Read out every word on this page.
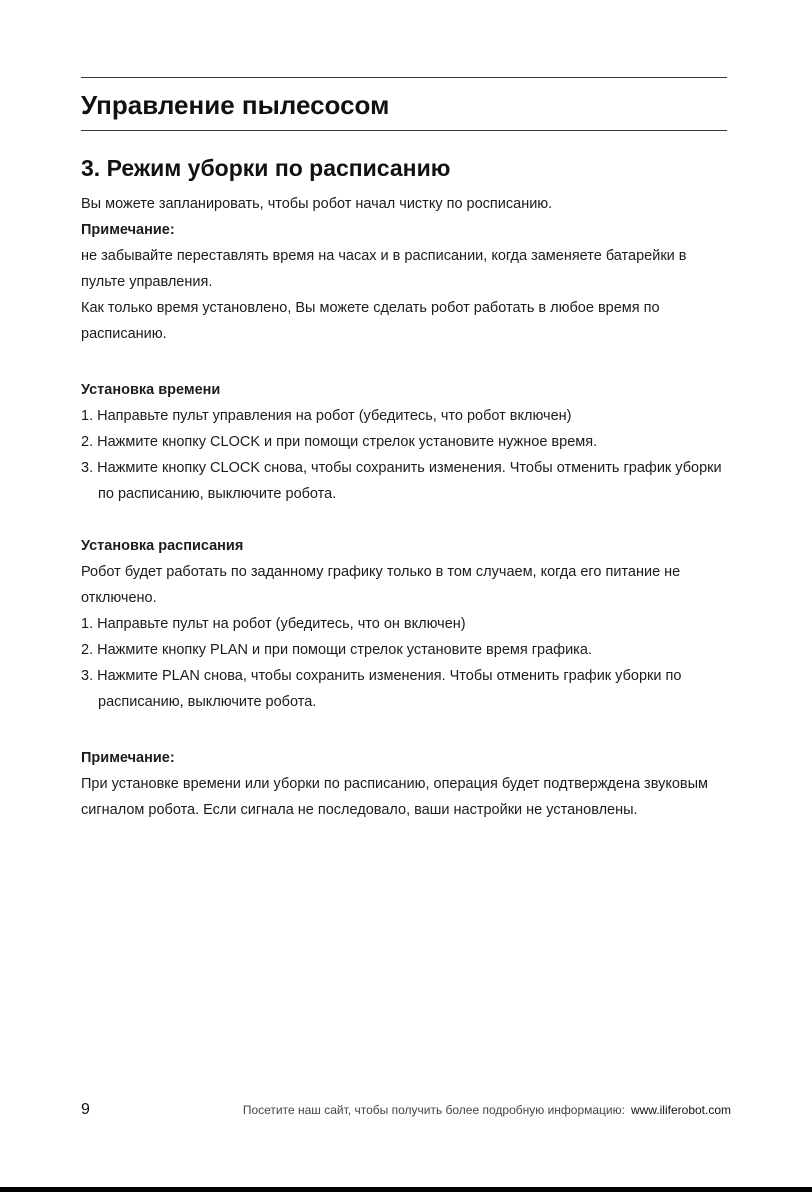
Управление пылесосом
3. Режим уборки по расписанию

Вы можете запланировать, чтобы робот начал чистку по росписанию.

Примечание:

не забывайте переставлять время на часах и в расписании, когда заменяете батарейки в пульте управления.

Как только время установлено, Вы можете сделать робот работать в любое время по расписанию.

Установка времени

1. Направьте пульт управления на робот (убедитесь, что робот включен)
2. Нажмите кнопку CLOCK и при помощи стрелок установите нужное время.
3. Нажмите кнопку CLOCK снова, чтобы сохранить изменения. Чтобы отменить график уборки по расписанию, выключите робота.

Установка расписания

Робот будет работать по заданному графику только в том случаем, когда его питание не отключено.

1. Направьте пульт на робот (убедитесь, что он включен)
2. Нажмите кнопку PLAN и при помощи стрелок установите время графика.
3. Нажмите PLAN снова, чтобы сохранить изменения. Чтобы отменить график уборки по расписанию, выключите робота.

Примечание:

При установке времени или уборки по расписанию, операция будет подтверждена звуковым сигналом робота. Если сигнала не последовало, ваши настройки не установлены.

9	Посетите наш сайт, чтобы получить более подробную информацию: www.iliferobot.com
